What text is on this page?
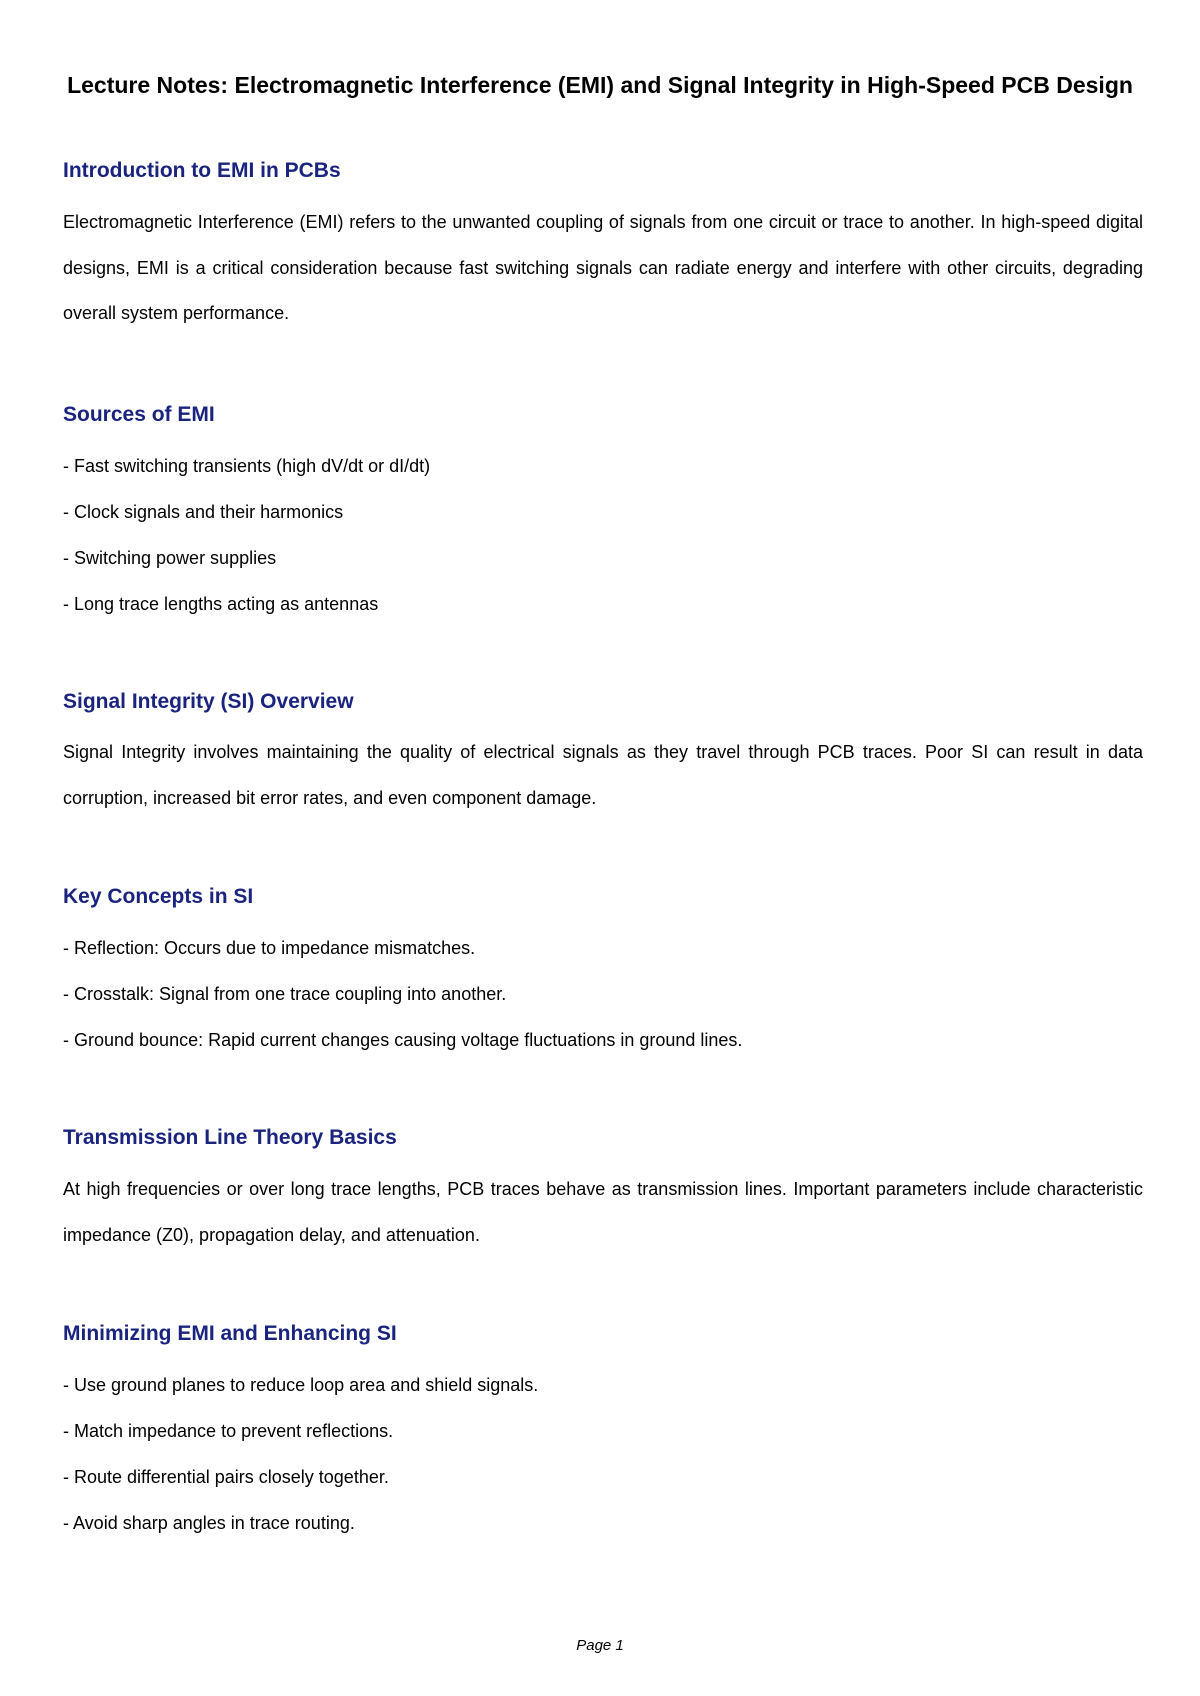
Lecture Notes: Electromagnetic Interference (EMI) and Signal Integrity in High-Speed PCB Design
Introduction to EMI in PCBs

Electromagnetic Interference (EMI) refers to the unwanted coupling of signals from one circuit or trace to another. In high-speed digital designs, EMI is a critical consideration because fast switching signals can radiate energy and interfere with other circuits, degrading overall system performance.

Sources of EMI
- Fast switching transients (high dV/dt or dI/dt)
- Clock signals and their harmonics
- Switching power supplies
- Long trace lengths acting as antennas
Signal Integrity (SI) Overview

Signal Integrity involves maintaining the quality of electrical signals as they travel through PCB traces. Poor SI can result in data corruption, increased bit error rates, and even component damage.

Key Concepts in SI
- Reflection: Occurs due to impedance mismatches.
- Crosstalk: Signal from one trace coupling into another.
- Ground bounce: Rapid current changes causing voltage fluctuations in ground lines.
Transmission Line Theory Basics

At high frequencies or over long trace lengths, PCB traces behave as transmission lines. Important parameters include characteristic impedance (Z0), propagation delay, and attenuation.

Minimizing EMI and Enhancing SI
- Use ground planes to reduce loop area and shield signals.
- Match impedance to prevent reflections.
- Route differential pairs closely together.
- Avoid sharp angles in trace routing.
Page 1
